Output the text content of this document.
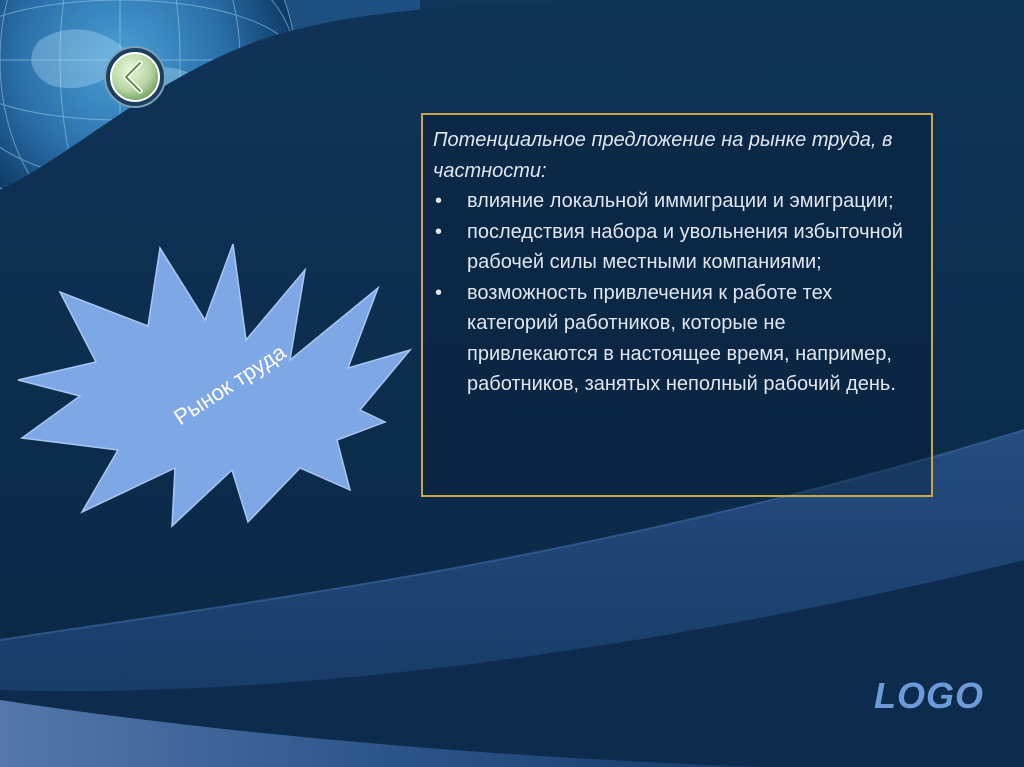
Рынок труда
Потенциальное предложение на рынке труда, в частности:
• влияние локальной иммиграции и эмиграции;
• последствия набора и увольнения избыточной рабочей силы местными компаниями;
• возможность привлечения к работе тех категорий работников, которые не привлекаются в настоящее время, например, работников, занятых неполный рабочий день.
LOGO
